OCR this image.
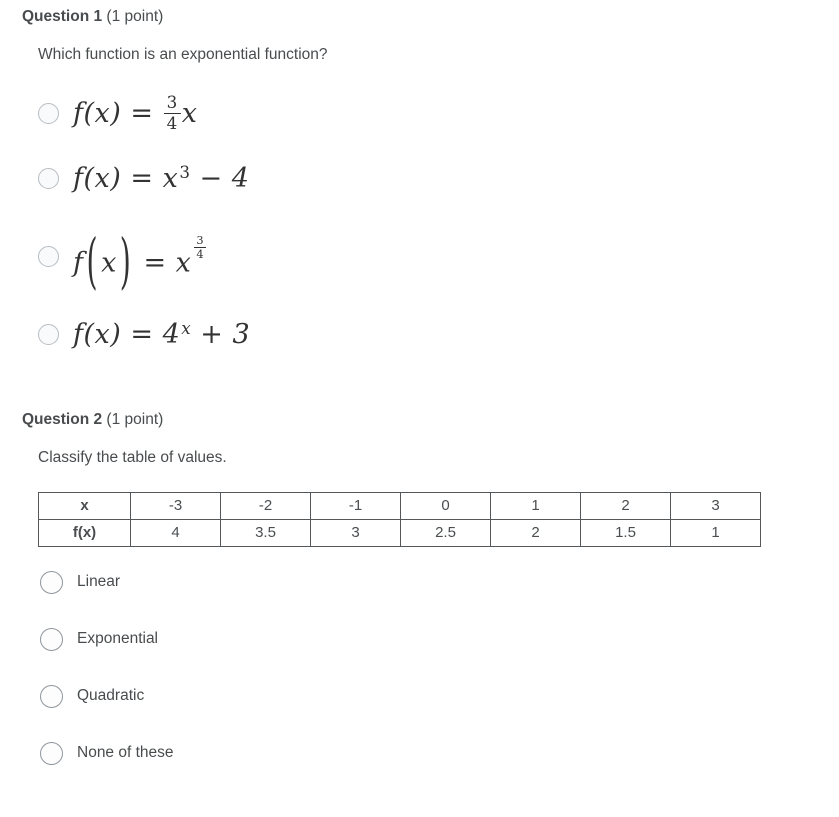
Question 1 (1 point)
Which function is an exponential function?
$f(x) = \frac{3}{4}$ x
$f(x) = x^3 - 4$
f ( x ) = x $\frac{3}{4}$
$f(x) = 4^x + 3$
Question 2 (1 point)
Classify the table of values.
x	-3	-2	-1	0	1	2	3
f(x)	4	3.5	3	2.5	2	1.5	1
Linear
Exponential
Quadratic
None of these
